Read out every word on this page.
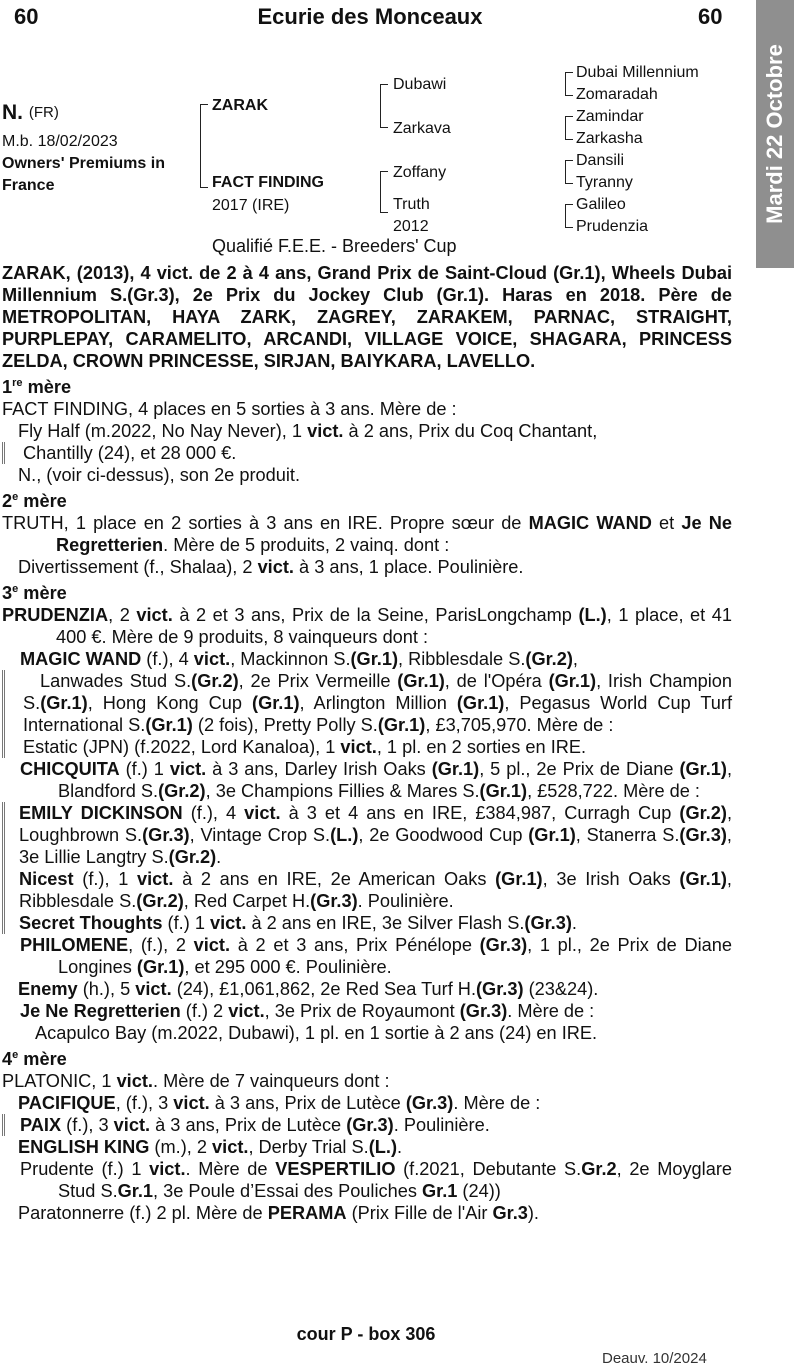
60	Ecurie des Monceaux	60
Mardi 22 Octobre
N. $^{(FR)}$
M.b. 18/02/2023
Owners' Premiums in
France
ZARAK
FACT FINDING
2017 (IRE)
Dubawi
Zarkava
Zoffany
Truth
2012
Dubai Millennium
Zomaradah
Zamindar
Zarkasha
Dansili
Tyranny
Galileo
Prudenzia
Qualifié F.E.E. - Breeders' Cup

ZARAK, (2013), 4 vict. de 2 à 4 ans, Grand Prix de Saint-Cloud (Gr.1), Wheels Dubai Millennium S.(Gr.3), 2e Prix du Jockey Club (Gr.1). Haras en 2018. Père de METROPOLITAN, HAYA ZARK, ZAGREY, ZARAKEM, PARNAC, STRAIGHT, PURPLEPAY, CARAMELITO, ARCANDI, VILLAGE VOICE, SHAGARA, PRINCESS ZELDA, CROWN PRINCESSE, SIRJAN, BAIYKARA, LAVELLO.

1re mère

FACT FINDING, 4 places en 5 sorties à 3 ans. Mère de :

Fly Half (m.2022, No Nay Never), 1 vict. à 2 ans, Prix du Coq Chantant,

Chantilly (24), et 28 000 €.

N., (voir ci-dessus), son 2e produit.

2e mère

TRUTH, 1 place en 2 sorties à 3 ans en IRE. Propre sœur de MAGIC WAND et Je Ne Regretterien. Mère de 5 produits, 2 vainq. dont :

Divertissement (f., Shalaa), 2 vict. à 3 ans, 1 place. Poulinière.

3e mère

PRUDENZIA, 2 vict. à 2 et 3 ans, Prix de la Seine, ParisLongchamp (L.), 1 place, et 41 400 €. Mère de 9 produits, 8 vainqueurs dont :

MAGIC WAND (f.), 4 vict., Mackinnon S.(Gr.1), Ribblesdale S.(Gr.2),

Lanwades Stud S.(Gr.2), 2e Prix Vermeille (Gr.1), de l'Opéra (Gr.1), Irish Champion S.(Gr.1), Hong Kong Cup (Gr.1), Arlington Million (Gr.1), Pegasus World Cup Turf International S.(Gr.1) (2 fois), Pretty Polly S.(Gr.1), £3,705,970. Mère de :

Estatic (JPN) (f.2022, Lord Kanaloa), 1 vict., 1 pl. en 2 sorties en IRE.

CHICQUITA (f.) 1 vict. à 3 ans, Darley Irish Oaks (Gr.1), 5 pl., 2e Prix de Diane (Gr.1), Blandford S.(Gr.2), 3e Champions Fillies & Mares S.(Gr.1), £528,722. Mère de :

EMILY DICKINSON (f.), 4 vict. à 3 et 4 ans en IRE, £384,987, Curragh Cup (Gr.2), Loughbrown S.(Gr.3), Vintage Crop S.(L.), 2e Goodwood Cup (Gr.1), Stanerra S.(Gr.3), 3e Lillie Langtry S.(Gr.2).

Nicest (f.), 1 vict. à 2 ans en IRE, 2e American Oaks (Gr.1), 3e Irish Oaks (Gr.1), Ribblesdale S.(Gr.2), Red Carpet H.(Gr.3). Poulinière.

Secret Thoughts (f.) 1 vict. à 2 ans en IRE, 3e Silver Flash S.(Gr.3).

PHILOMENE, (f.), 2 vict. à 2 et 3 ans, Prix Pénélope (Gr.3), 1 pl., 2e Prix de Diane Longines (Gr.1), et 295 000 €. Poulinière.

Enemy (h.), 5 vict. (24), £1,061,862, 2e Red Sea Turf H.(Gr.3) (23&24).

Je Ne Regretterien (f.) 2 vict., 3e Prix de Royaumont (Gr.3). Mère de :

Acapulco Bay (m.2022, Dubawi), 1 pl. en 1 sortie à 2 ans (24) en IRE.

4e mère

PLATONIC, 1 vict.. Mère de 7 vainqueurs dont :

PACIFIQUE, (f.), 3 vict. à 3 ans, Prix de Lutèce (Gr.3). Mère de :

PAIX (f.), 3 vict. à 3 ans, Prix de Lutèce (Gr.3). Poulinière.

ENGLISH KING (m.), 2 vict., Derby Trial S.(L.).

Prudente (f.) 1 vict.. Mère de VESPERTILIO (f.2021, Debutante S.Gr.2, 2e Moyglare Stud S.Gr.1, 3e Poule d’Essai des Pouliches Gr.1 (24))

Paratonnerre (f.) 2 pl. Mère de PERAMA (Prix Fille de l'Air Gr.3).

cour P - box 306
Deauv. 10/2024
